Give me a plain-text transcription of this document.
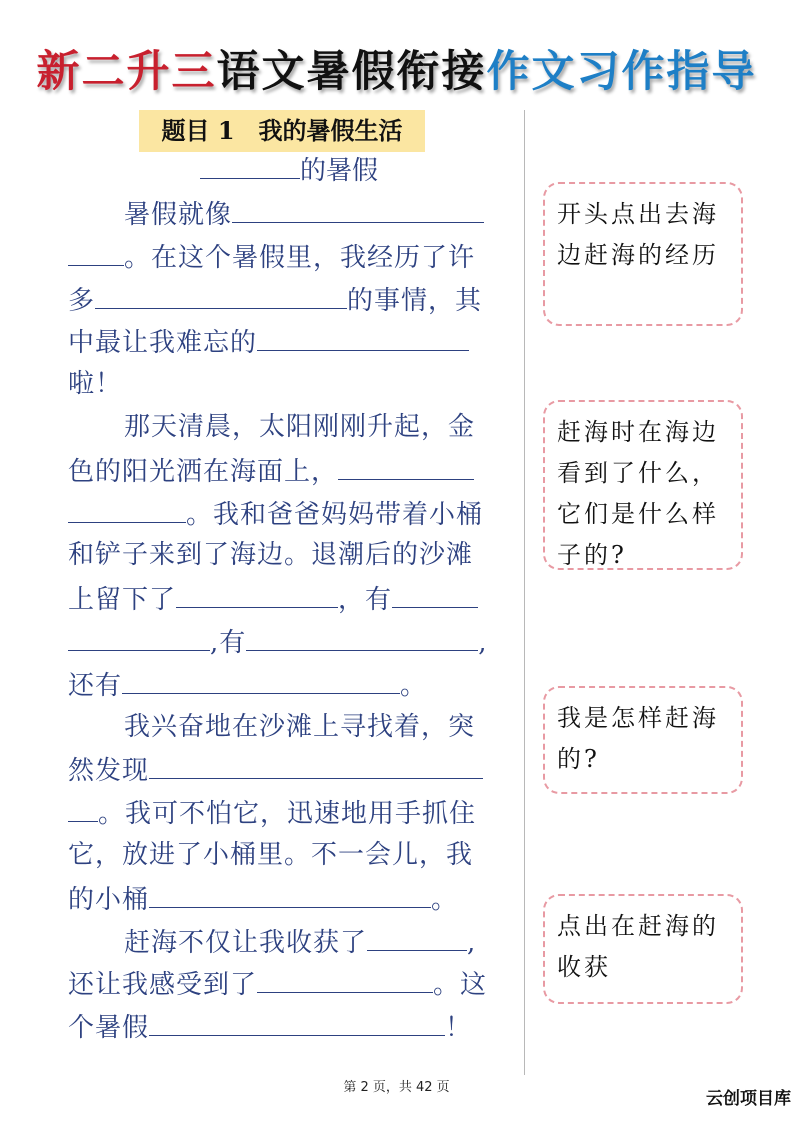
新二升三语文暑假衔接作文习作指导
题目 1　我的暑假生活
的暑假
暑假就像
。在这个暑假里，我经历了许
多	的事情，其
中最让我难忘的
啦！
那天清晨，太阳刚刚升起，金
色的阳光洒在海面上，
。我和爸爸妈妈带着小桶
和铲子来到了海边。退潮后的沙滩
上留下了	，有
,有	,
还有	。
我兴奋地在沙滩上寻找着，突
然发现
。我可不怕它，迅速地用手抓住
它，放进了小桶里。不一会儿，我
的小桶	。
赶海不仅让我收获了	,
还让我感受到了	。这
个暑假	！
开头点出去海边赶海的经历
赶海时在海边看到了什么，它们是什么样子的?
我是怎样赶海的?
点出在赶海的收获
第 2 页，共 42 页
云创项目库
